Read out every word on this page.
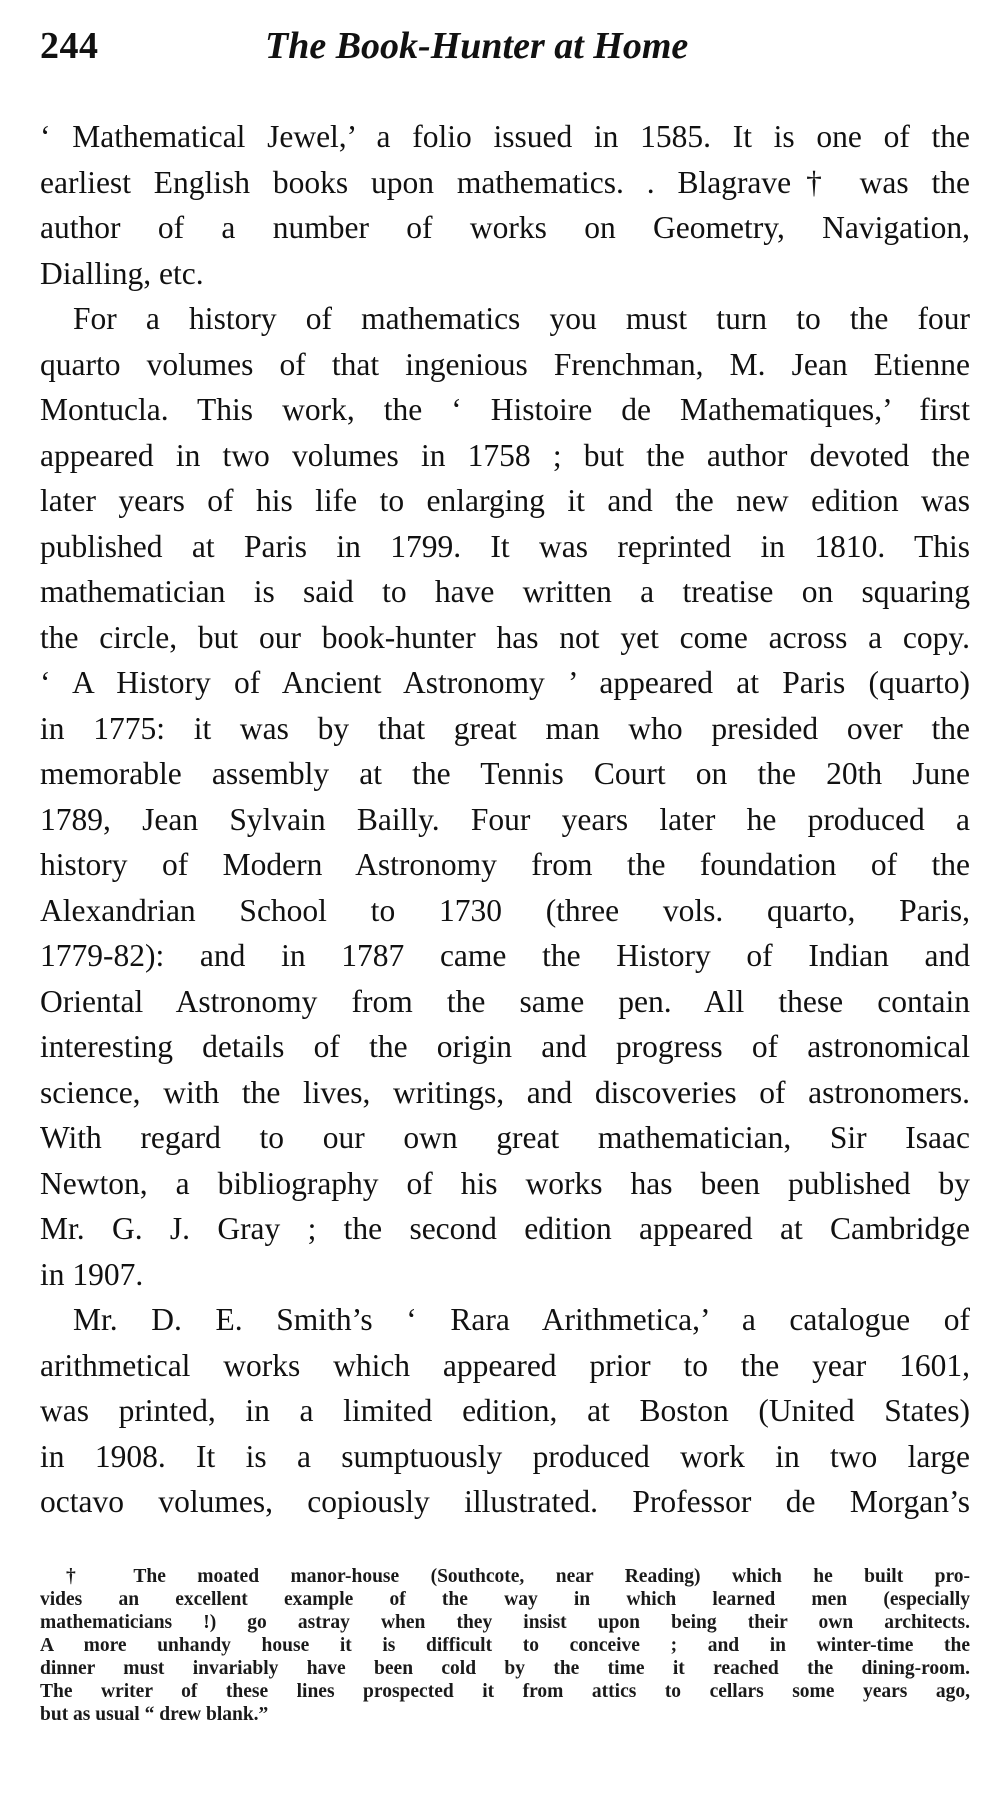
244	The Book-Hunter at Home
‘ Mathematical Jewel,’ a folio issued in 1585. It is one of the
earliest English books upon mathematics. . Blagrave† was the
author of a number of works on Geometry, Navigation,
Dialling, etc.
For a history of mathematics you must turn to the four
quarto volumes of that ingenious Frenchman, M. Jean Etienne
Montucla. This work, the ‘ Histoire de Mathematiques,’ first
appeared in two volumes in 1758 ; but the author devoted the
later years of his life to enlarging it and the new edition was
published at Paris in 1799. It was reprinted in 1810. This
mathematician is said to have written a treatise on squaring
the circle, but our book-hunter has not yet come across a copy.
‘ A History of Ancient Astronomy ’ appeared at Paris (quarto)
in 1775: it was by that great man who presided over the
memorable assembly at the Tennis Court on the 20th June
1789, Jean Sylvain Bailly. Four years later he produced a
history of Modern Astronomy from the foundation of the
Alexandrian School to 1730 (three vols. quarto, Paris,
1779-82): and in 1787 came the History of Indian and
Oriental Astronomy from the same pen. All these contain
interesting details of the origin and progress of astronomical
science, with the lives, writings, and discoveries of astronomers.
With regard to our own great mathematician, Sir Isaac
Newton, a bibliography of his works has been published by
Mr. G. J. Gray ; the second edition appeared at Cambridge
in 1907.
Mr. D. E. Smith’s ‘ Rara Arithmetica,’ a catalogue of
arithmetical works which appeared prior to the year 1601,
was printed, in a limited edition, at Boston (United States)
in 1908. It is a sumptuously produced work in two large
octavo volumes, copiously illustrated. Professor de Morgan’s
† The moated manor-house (Southcote, near Reading) which he built pro-
vides an excellent example of the way in which learned men (especially
mathematicians !) go astray when they insist upon being their own architects.
A more unhandy house it is difficult to conceive ; and in winter-time the
dinner must invariably have been cold by the time it reached the dining-room.
The writer of these lines prospected it from attics to cellars some years ago,
but as usual “ drew blank.”
